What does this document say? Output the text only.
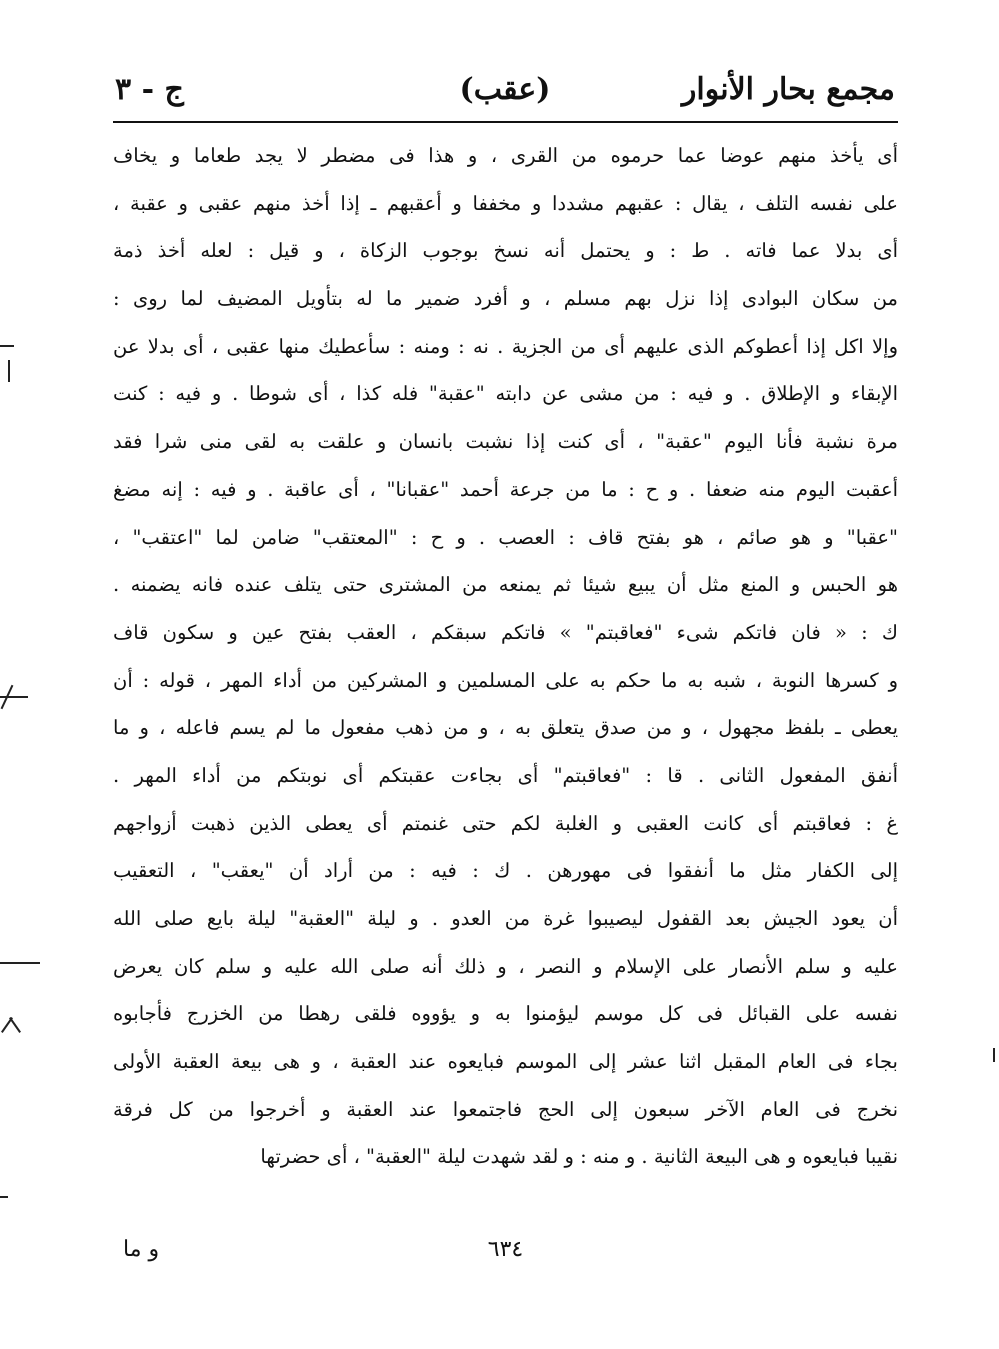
مجمع بحار الأنوار
(عقب)
ج - ٣
أى يأخذ منهم عوضا عما حرموه من القرى ، و هذا فى مضطر لا يجد طعاما و يخاف
على نفسه التلف ، يقال : عقبهم مشددا و مخففا و أعقبهم ـ إذا أخذ منهم عقبى و عقبة ،
أى بدلا عما فاته . ط : و يحتمل أنه نسخ بوجوب الزكاة ، و قيل : لعله أخذ ذمة
من سكان البوادى إذا نزل بهم مسلم ، و أفرد ضمير ما له بتأويل المضيف لما روى :
وإلا اكل إذا أعطوكم الذى عليهم أى من الجزية . نه : ومنه : سأعطيك منها عقبى ، أى بدلا عن
الإبقاء و الإطلاق . و فيه : من مشى عن دابته "عقبة" فله كذا ، أى شوطا . و فيه : كنت
مرة نشبة فأنا اليوم "عقبة" ، أى كنت إذا نشبت بانسان و علقت به لقى منى شرا فقد
أعقبت اليوم منه ضعفا . و ح : ما من جرعة أحمد "عقبانا" ، أى عاقبة . و فيه : إنه مضغ
"عقبا" و هو صائم ، هو بفتح قاف : العصب . و ح : "المعتقب" ضامن لما "اعتقب" ،
هو الحبس و المنع مثل أن يبيع شيئا ثم يمنعه من المشترى حتى يتلف عنده فانه يضمنه .
ك : « فان فاتكم شىء "فعاقبتم" » فاتكم سبقكم ، العقب بفتح عين و سكون قاف
و كسرها النوبة ، شبه به ما حكم به على المسلمين و المشركين من أداء المهر ، قوله : أن
يعطى ـ بلفظ مجهول ، و من صدق يتعلق به ، و من ذهب مفعول ما لم يسم فاعله ، و ما
أنفق المفعول الثانى . قا : "فعاقبتم" أى بجاءت عقبتكم أى نوبتكم من أداء المهر .
غ : فعاقبتم أى كانت العقبى و الغلبة لكم حتى غنمتم أى يعطى الذين ذهبت أزواجهم
إلى الكفار مثل ما أنفقوا فى مهورهن . ك : فيه : من أراد أن "يعقب" ، التعقيب
أن يعود الجيش بعد القفول ليصيبوا غرة من العدو . و ليلة "العقبة" ليلة بايع صلى الله
عليه و سلم الأنصار على الإسلام و النصر ، و ذلك أنه صلى الله عليه و سلم كان يعرض
نفسه على القبائل فى كل موسم ليؤمنوا به و يؤووه فلقى رهطا من الخزرج فأجابوه
بجاء فى العام المقبل اثنا عشر إلى الموسم فبايعوه عند العقبة ، و هى بيعة العقبة الأولى
نخرج فى العام الآخر سبعون إلى الحج فاجتمعوا عند العقبة و أخرجوا من كل فرقة
نقيبا فبايعوه و هى البيعة الثانية . و منه : و لقد شهدت ليلة "العقبة" ، أى حضرتها
٦٣٤
و ما
